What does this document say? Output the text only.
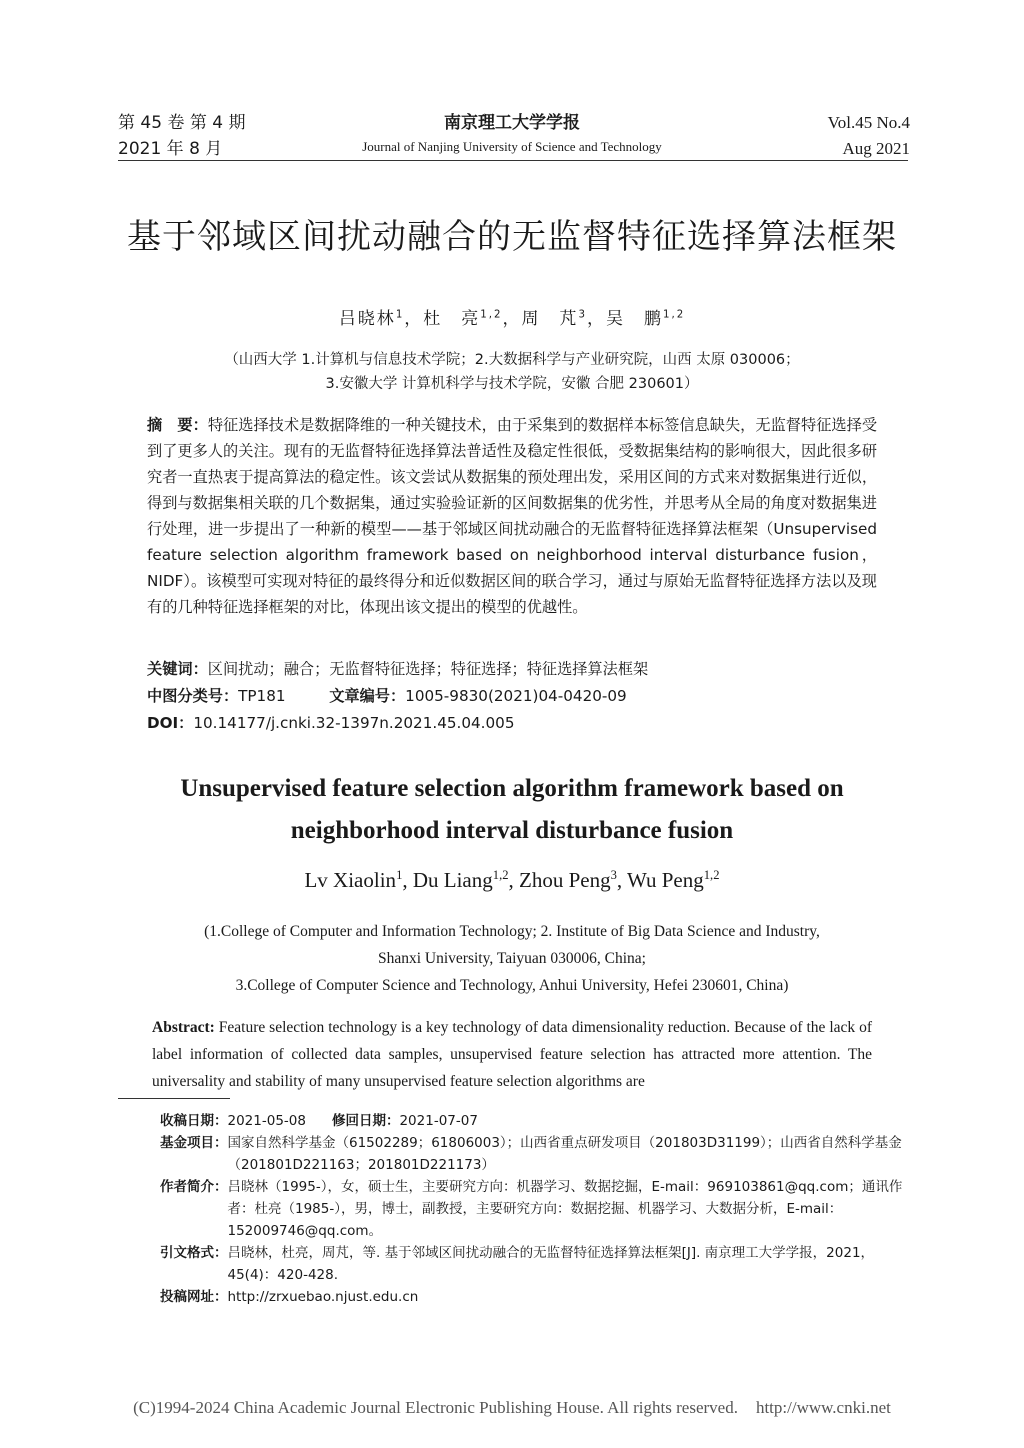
第 45 卷 第 4 期
2021 年 8 月
南京理工大学学报
Journal of Nanjing University of Science and Technology
Vol.45 No.4
Aug 2021
基于邻域区间扰动融合的无监督特征选择算法框架
吕晓林$^1$，杜　亮$^{1,2}$，周　芃$^3$，吴　鹏$^{1,2}$
（山西大学 1.计算机与信息技术学院；2.大数据科学与产业研究院，山西 太原 030006；
3.安徽大学 计算机科学与技术学院，安徽 合肥 230601）
摘　要：特征选择技术是数据降维的一种关键技术，由于采集到的数据样本标签信息缺失，无监督特征选择受到了更多人的关注。现有的无监督特征选择算法普适性及稳定性很低，受数据集结构的影响很大，因此很多研究者一直热衷于提高算法的稳定性。该文尝试从数据集的预处理出发，采用区间的方式来对数据集进行近似，得到与数据集相关联的几个数据集，通过实验验证新的区间数据集的优劣性，并思考从全局的角度对数据集进行处理，进一步提出了一种新的模型——基于邻域区间扰动融合的无监督特征选择算法框架（Unsupervised feature selection algorithm framework based on neighborhood interval disturbance fusion，NIDF）。该模型可实现对特征的最终得分和近似数据区间的联合学习，通过与原始无监督特征选择方法以及现有的几种特征选择框架的对比，体现出该文提出的模型的优越性。
关键词：区间扰动；融合；无监督特征选择；特征选择；特征选择算法框架
中图分类号：TP181	文章编号：1005-9830(2021)04-0420-09
DOI：10.14177/j.cnki.32-1397n.2021.45.04.005
Unsupervised feature selection algorithm framework based on
neighborhood interval disturbance fusion
Lv Xiaolin$^1$, Du Liang$^{1,2}$, Zhou Peng$^3$, Wu Peng$^{1,2}$
(1.College of Computer and Information Technology; 2. Institute of Big Data Science and Industry,
Shanxi University, Taiyuan 030006, China;
3.College of Computer Science and Technology, Anhui University, Hefei 230601, China)
Abstract: Feature selection technology is a key technology of data dimensionality reduction. Because of the lack of label information of collected data samples, unsupervised feature selection has attracted more attention. The universality and stability of many unsupervised feature selection algorithms are
收稿日期： 2021-05-08 修回日期： 2021-07-07
基金项目： 国家自然科学基金（61502289；61806003）；山西省重点研发项目（201803D31199）；山西省自然科学基金（201801D221163；201801D221173）
作者简介： 吕晓林（1995-），女，硕士生，主要研究方向：机器学习、数据挖掘，E-mail：969103861@qq.com；通讯作者：杜亮（1985-），男，博士，副教授，主要研究方向：数据挖掘、机器学习、大数据分析，E-mail：152009746@qq.com。
引文格式： 吕晓林，杜亮，周芃，等. 基于邻域区间扰动融合的无监督特征选择算法框架[J]. 南京理工大学学报，2021，45(4)：420-428.
投稿网址： http://zrxuebao.njust.edu.cn
(C)1994-2024 China Academic Journal Electronic Publishing House. All rights reserved. http://www.cnki.net
